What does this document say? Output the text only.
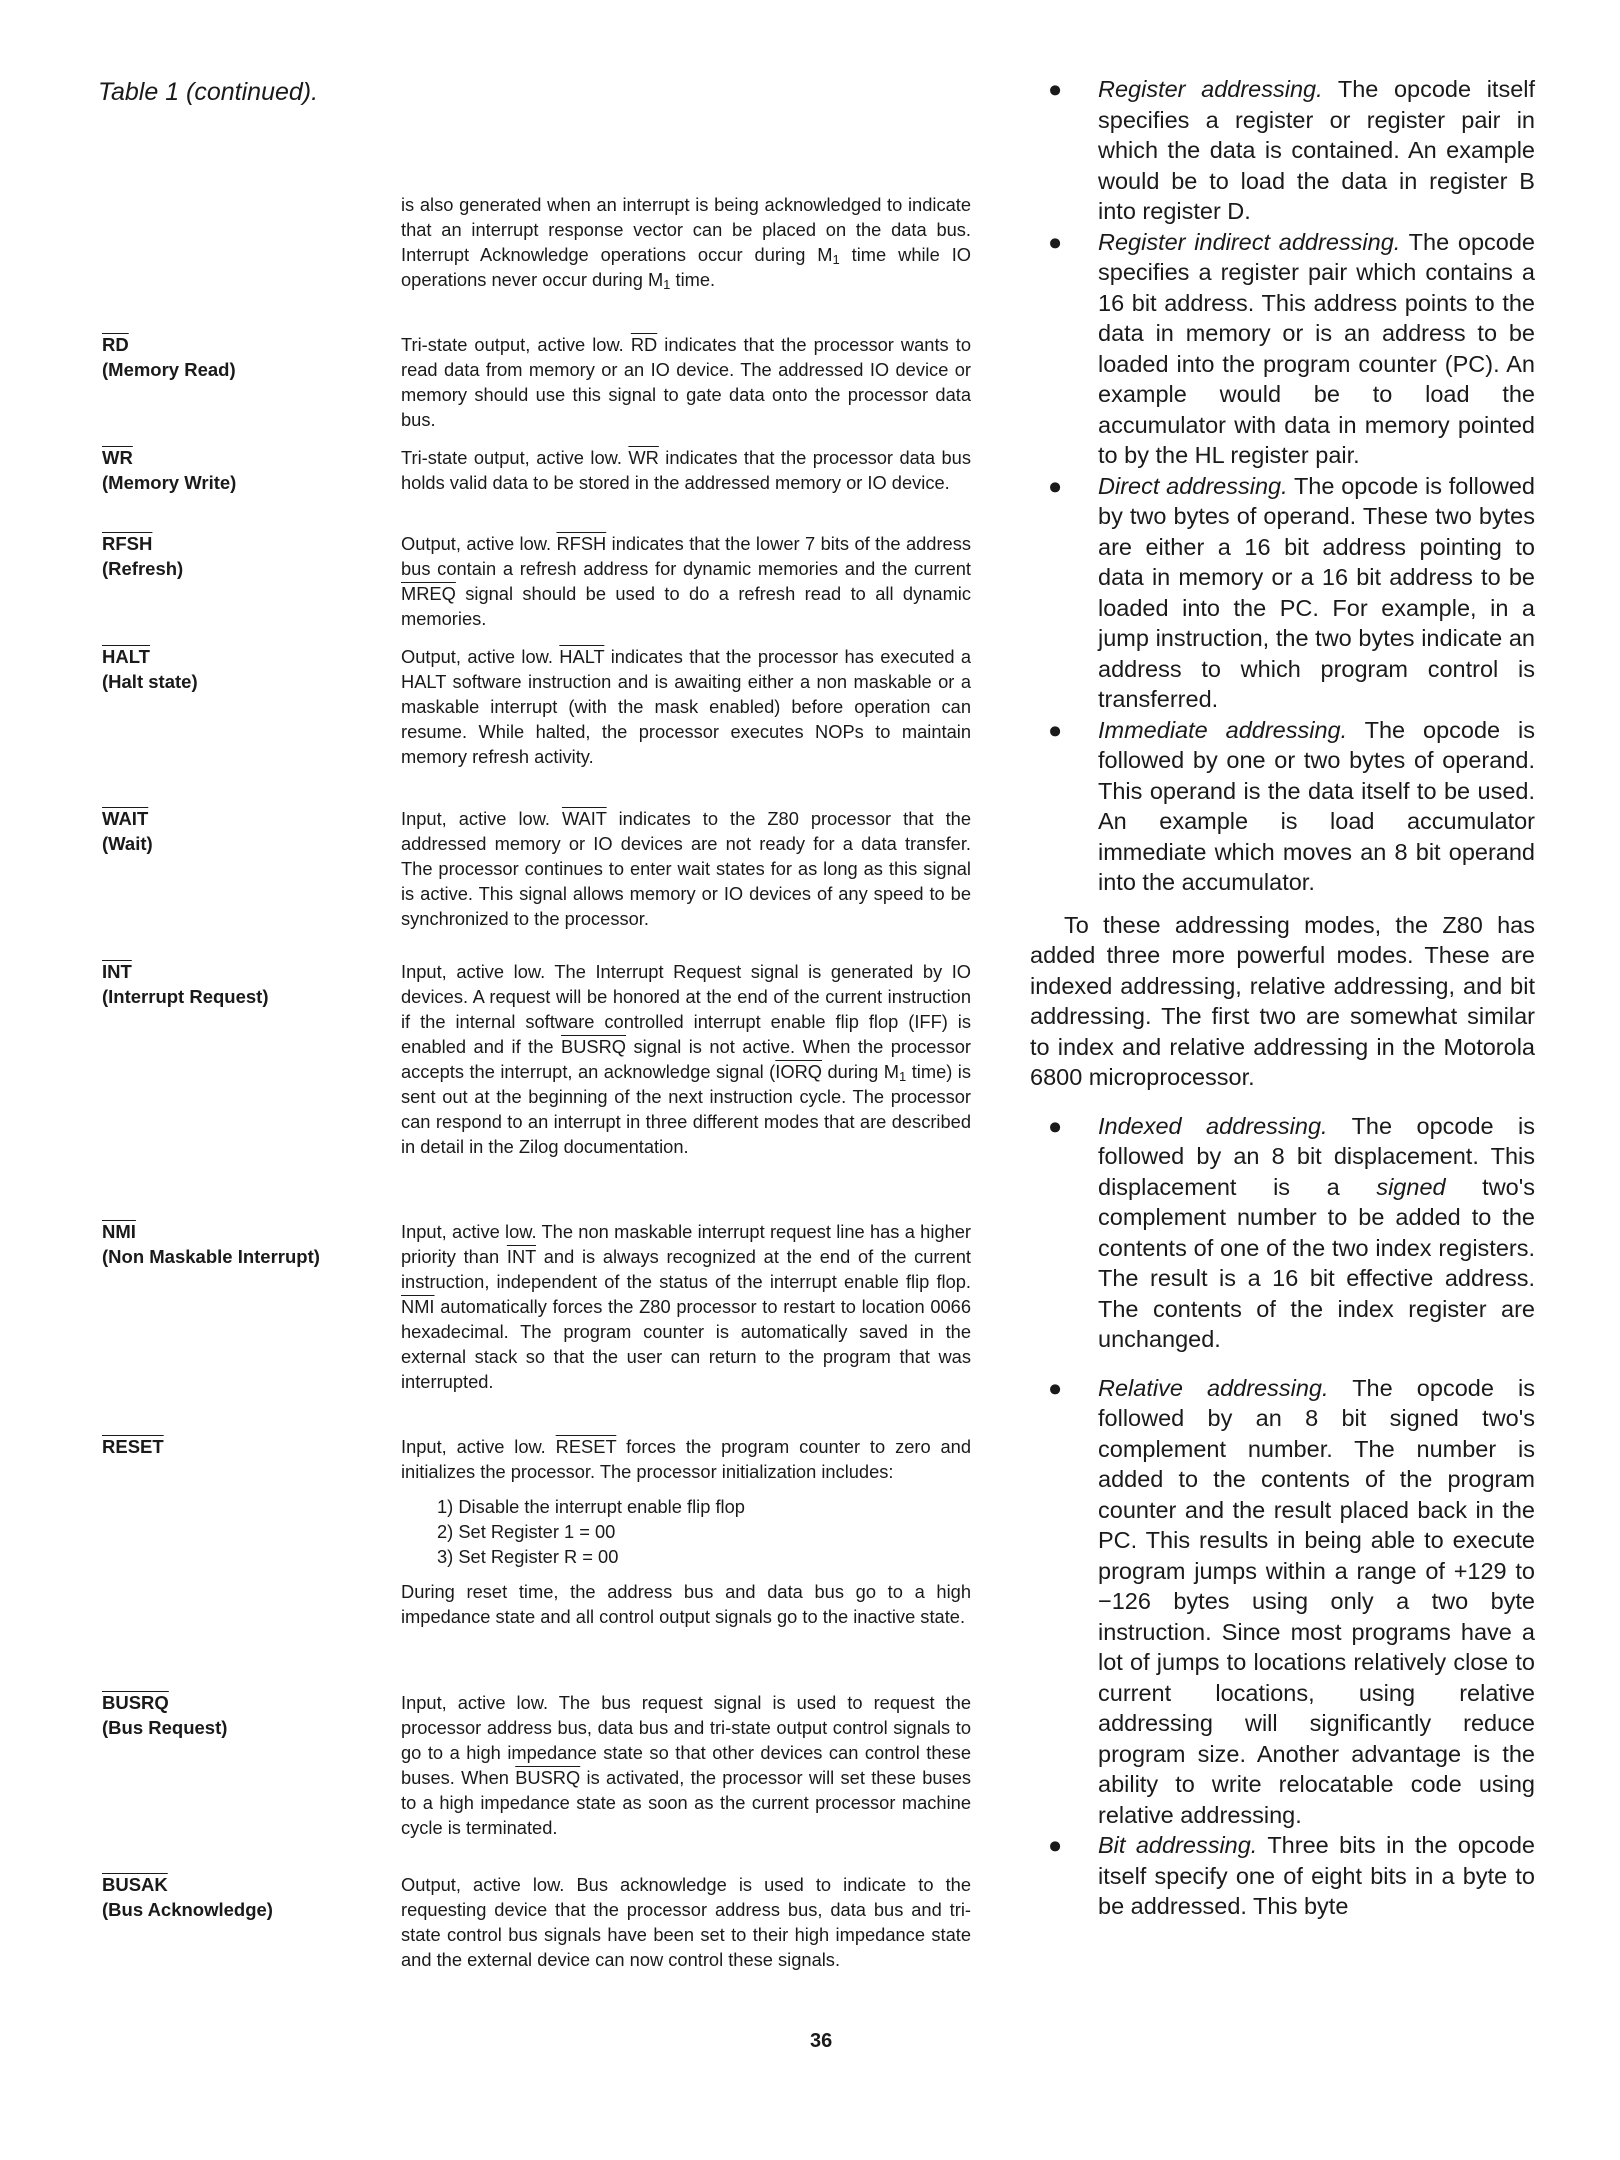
Table 1 (continued).

is also generated when an interrupt is being acknowledged to indicate that an interrupt response vector can be placed on the data bus. Interrupt Acknowledge operations occur during $M_1$ time while IO operations never occur during $M_1$ time.

$\overline{RD}$
(Memory Read)

Tri-state output, active low. $\overline{RD}$ indicates that the processor wants to read data from memory or an IO device. The addressed IO device or memory should use this signal to gate data onto the processor data bus.

$\overline{WR}$
(Memory Write)

Tri-state output, active low. $\overline{WR}$ indicates that the processor data bus holds valid data to be stored in the addressed memory or IO device.

RFSH
(Refresh)

Output, active low. RFSH indicates that the lower 7 bits of the address bus contain a refresh address for dynamic memories and the current MREQ signal should be used to do a refresh read to all dynamic memories.

HALT
(Halt state)

Output, active low. HALT indicates that the processor has executed a HALT software instruction and is awaiting either a non maskable or a maskable interrupt (with the mask enabled) before operation can resume. While halted, the processor executes NOPs to maintain memory refresh activity.

WAIT
(Wait)

Input, active low. WAIT indicates to the Z80 processor that the addressed memory or IO devices are not ready for a data transfer. The processor continues to enter wait states for as long as this signal is active. This signal allows memory or IO devices of any speed to be synchronized to the processor.

$\overline{INT}$
(Interrupt Request)

Input, active low. The Interrupt Request signal is generated by IO devices. A request will be honored at the end of the current instruction if the internal software controlled interrupt enable flip flop (IFF) is enabled and if the BUSRQ signal is not active. When the processor accepts the interrupt, an acknowledge signal (IORQ during $M_1$ time) is sent out at the beginning of the next instruction cycle. The processor can respond to an interrupt in three different modes that are described in detail in the Zilog documentation.

$\overline{NMI}$
(Non Maskable Interrupt)

Input, active low. The non maskable interrupt request line has a higher priority than $\overline{INT}$ and is always recognized at the end of the current instruction, independent of the status of the interrupt enable flip flop. $\overline{NMI}$ automatically forces the Z80 processor to restart to location 0066 hexadecimal. The program counter is automatically saved in the external stack so that the user can return to the program that was interrupted.

RESET	Input, active low. RESET forces the program counter to zero and initializes the processor. The processor initialization includes:

1) Disable the interrupt enable flip flop
2) Set Register 1 = 00
3) Set Register R = 00

During reset time, the address bus and data bus go to a high impedance state and all control output signals go to the inactive state.

BUSRQ
(Bus Request)

Input, active low. The bus request signal is used to request the processor address bus, data bus and tri-state output control signals to go to a high impedance state so that other devices can control these buses. When BUSRQ is activated, the processor will set these buses to a high impedance state as soon as the current processor machine cycle is terminated.

BUSAK
(Bus Acknowledge)

Output, active low. Bus acknowledge is used to indicate to the requesting device that the processor address bus, data bus and tri-state control bus signals have been set to their high impedance state and the external device can now control these signals.

● Register addressing. The opcode itself specifies a register or register pair in which the data is contained. An example would be to load the data in register B into register D.

● Register indirect addressing. The opcode specifies a register pair which contains a 16 bit address. This address points to the data in memory or is an address to be loaded into the program counter (PC). An example would be to load the accumulator with data in memory pointed to by the HL register pair.

● Direct addressing. The opcode is followed by two bytes of operand. These two bytes are either a 16 bit address pointing to data in memory or a 16 bit address to be loaded into the PC. For example, in a jump instruction, the two bytes indicate an address to which program control is transferred.

● Immediate addressing. The opcode is followed by one or two bytes of operand. This operand is the data itself to be used. An example is load accumulator immediate which moves an 8 bit operand into the accumulator.

To these addressing modes, the Z80 has added three more powerful modes. These are indexed addressing, relative addressing, and bit addressing. The first two are somewhat similar to index and relative addressing in the Motorola 6800 microprocessor.

● Indexed addressing. The opcode is followed by an 8 bit displacement. This displacement is a signed two's complement number to be added to the contents of one of the two index registers. The result is a 16 bit effective address. The contents of the index register are unchanged.

● Relative addressing. The opcode is followed by an 8 bit signed two's complement number. The number is added to the contents of the program counter and the result placed back in the PC. This results in being able to execute program jumps within a range of +129 to −126 bytes using only a two byte instruction. Since most programs have a lot of jumps to locations relatively close to current locations, using relative addressing will significantly reduce program size. Another advantage is the ability to write relocatable code using relative addressing.

● Bit addressing. Three bits in the opcode itself specify one of eight bits in a byte to be addressed. This byte

36
